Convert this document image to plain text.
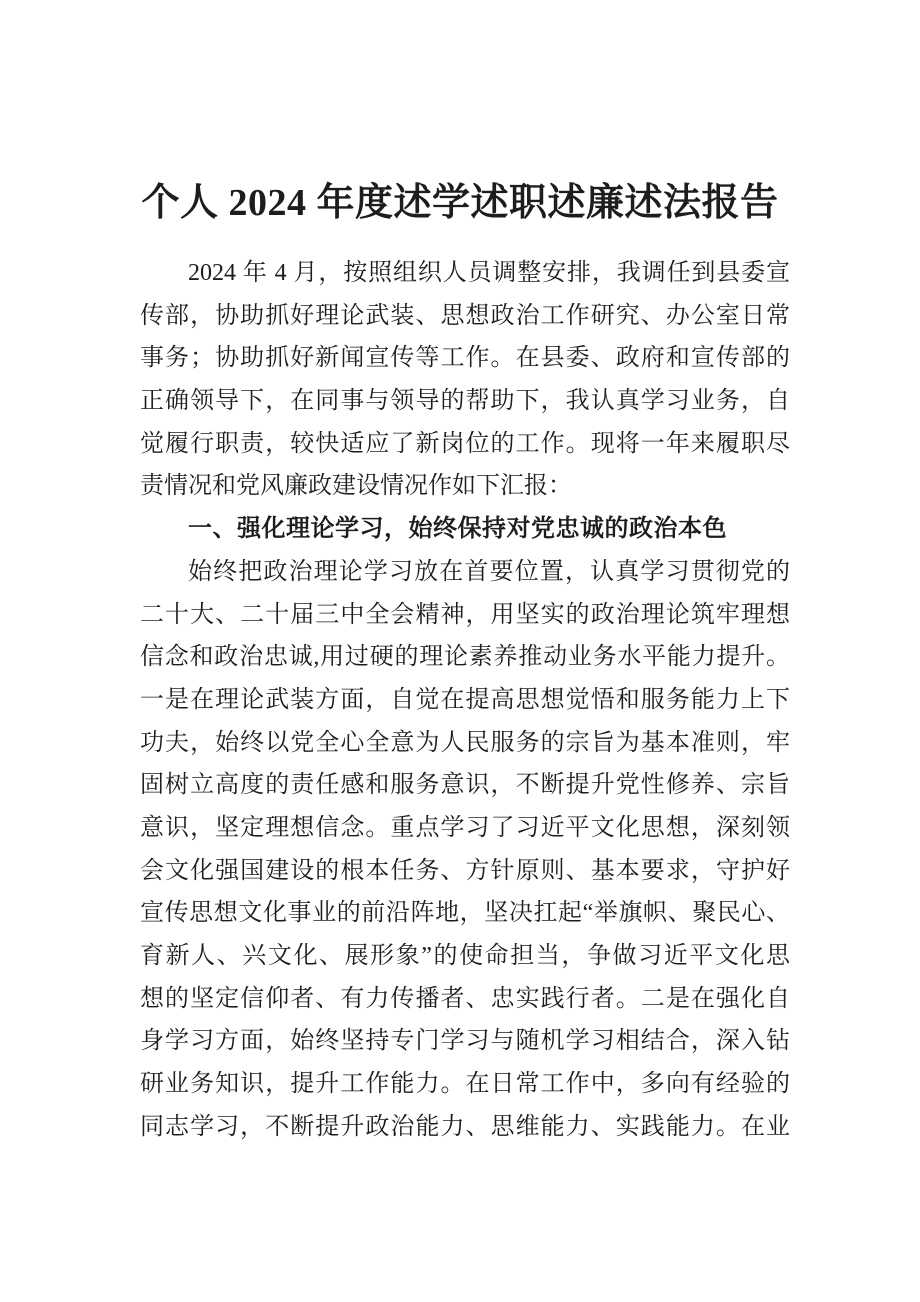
个人 2024 年度述学述职述廉述法报告
2024 年 4 月，按照组织人员调整安排，我调任到县委宣
传部，协助抓好理论武装、思想政治工作研究、办公室日常
事务；协助抓好新闻宣传等工作。在县委、政府和宣传部的
正确领导下，在同事与领导的帮助下，我认真学习业务，自
觉履行职责，较快适应了新岗位的工作。现将一年来履职尽
责情况和党风廉政建设情况作如下汇报：
一、强化理论学习，始终保持对党忠诚的政治本色
始终把政治理论学习放在首要位置，认真学习贯彻党的
二十大、二十届三中全会精神，用坚实的政治理论筑牢理想
信念和政治忠诚,用过硬的理论素养推动业务水平能力提升。
一是在理论武装方面，自觉在提高思想觉悟和服务能力上下
功夫，始终以党全心全意为人民服务的宗旨为基本准则，牢
固树立高度的责任感和服务意识，不断提升党性修养、宗旨
意识，坚定理想信念。重点学习了习近平文化思想，深刻领
会文化强国建设的根本任务、方针原则、基本要求，守护好
宣传思想文化事业的前沿阵地，坚决扛起“举旗帜、聚民心、
育新人、兴文化、展形象”的使命担当，争做习近平文化思
想的坚定信仰者、有力传播者、忠实践行者。二是在强化自
身学习方面，始终坚持专门学习与随机学习相结合，深入钻
研业务知识，提升工作能力。在日常工作中，多向有经验的
同志学习，不断提升政治能力、思维能力、实践能力。在业
